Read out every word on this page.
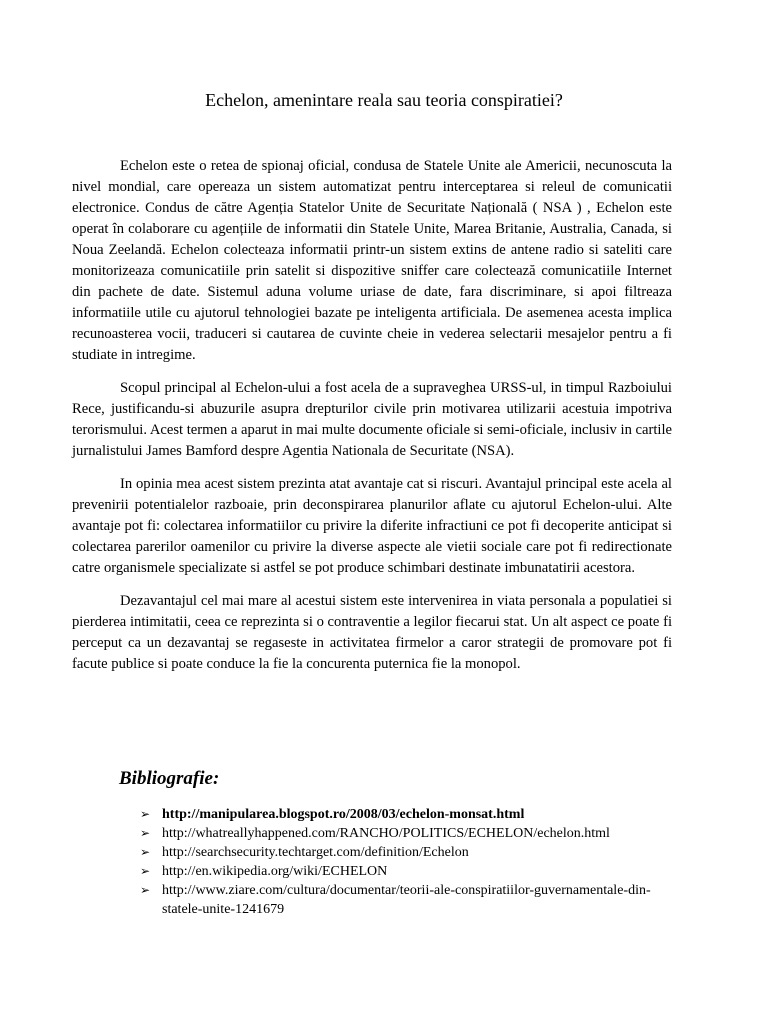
Echelon, amenintare reala sau teoria conspiratiei?

Echelon este o retea de spionaj oficial, condusa de Statele Unite ale Americii, necunoscuta la nivel mondial, care opereaza un sistem automatizat pentru interceptarea si releul de comunicatii electronice. Condus de către Agenția Statelor Unite de Securitate Națională ( NSA ) , Echelon este operat în colaborare cu agențiile de informatii din Statele Unite, Marea Britanie, Australia, Canada, si Noua Zeelandă. Echelon colecteaza informatii printr-un sistem extins de antene radio si sateliti care monitorizeaza comunicatiile prin satelit si dispozitive sniffer care colectează comunicatiile Internet din pachete de date. Sistemul aduna volume uriase de date, fara discriminare, si apoi filtreaza informatiile utile cu ajutorul tehnologiei bazate pe inteligenta artificiala. De asemenea acesta implica recunoasterea vocii, traduceri si cautarea de cuvinte cheie in vederea selectarii mesajelor pentru a fi studiate in intregime.

Scopul principal al Echelon-ului a fost acela de a supraveghea URSS-ul, in timpul Razboiului Rece, justificandu-si abuzurile asupra drepturilor civile prin motivarea utilizarii acestuia impotriva terorismului. Acest termen a aparut in mai multe documente oficiale si semi-oficiale, inclusiv in cartile jurnalistului James Bamford despre Agentia Nationala de Securitate (NSA).

In opinia mea acest sistem prezinta atat avantaje cat si riscuri. Avantajul principal este acela al prevenirii potentialelor razboaie, prin deconspirarea planurilor aflate cu ajutorul Echelon-ului. Alte avantaje pot fi: colectarea informatiilor cu privire la diferite infractiuni ce pot fi decoperite anticipat si colectarea parerilor oamenilor cu privire la diverse aspecte ale vietii sociale care pot fi redirectionate catre organismele specializate si astfel se pot produce schimbari destinate imbunatatirii acestora.

Dezavantajul cel mai mare al acestui sistem este intervenirea in viata personala a populatiei si pierderea intimitatii, ceea ce reprezinta si o contraventie a legilor fiecarui stat. Un alt aspect ce poate fi perceput ca un dezavantaj se regaseste in activitatea firmelor a caror strategii de promovare pot fi facute publice si poate conduce la fie la concurenta puternica fie la monopol.

Bibliografie:
➢ http://manipularea.blogspot.ro/2008/03/echelon-monsat.html
➢ http://whatreallyhappened.com/RANCHO/POLITICS/ECHELON/echelon.html
➢ http://searchsecurity.techtarget.com/definition/Echelon
➢ http://en.wikipedia.org/wiki/ECHELON
➢ http://www.ziare.com/cultura/documentar/teorii-ale-conspiratiilor-guvernamentale-din-statele-unite-1241679
